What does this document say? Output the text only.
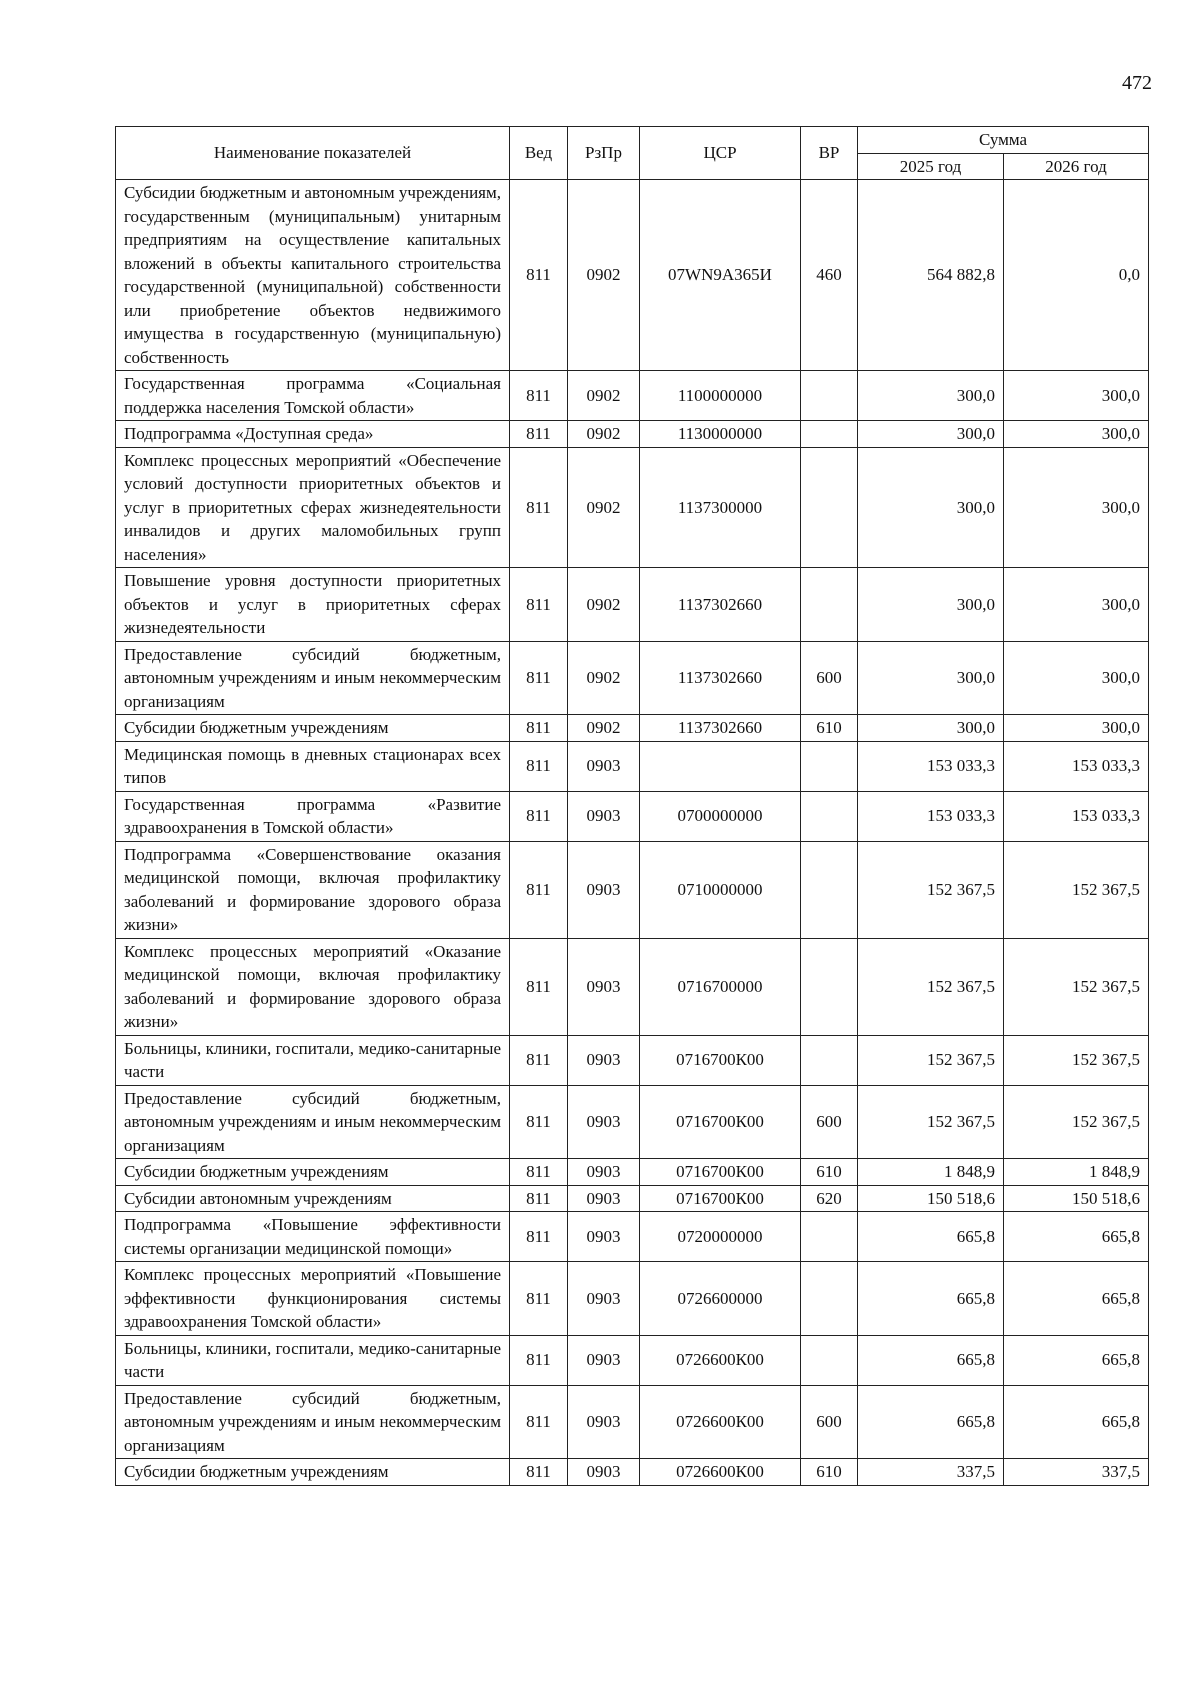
472
Наименование показателей	Вед	РзПр	ЦСР	ВР	Сумма	
					2025 год	2026 год
Субсидии бюджетным и автономным учреждениям, государственным (муниципальным) унитарным предприятиям на осуществление капитальных вложений в объекты капитального строительства государственной (муниципальной) собственности или приобретение объектов недвижимого имущества в государственную (муниципальную) собственность	811	0902	07WN9A365И	460	564 882,8	0,0
Государственная программа «Социальная поддержка населения Томской области»	811	0902	1100000000		300,0	300,0
Подпрограмма «Доступная среда»	811	0902	1130000000		300,0	300,0
Комплекс процессных мероприятий «Обеспечение условий доступности приоритетных объектов и услуг в приоритетных сферах жизнедеятельности инвалидов и других маломобильных групп населения»	811	0902	1137300000		300,0	300,0
Повышение уровня доступности приоритетных объектов и услуг в приоритетных сферах жизнедеятельности	811	0902	1137302660		300,0	300,0
Предоставление субсидий бюджетным, автономным учреждениям и иным некоммерческим организациям	811	0902	1137302660	600	300,0	300,0
Субсидии бюджетным учреждениям	811	0902	1137302660	610	300,0	300,0
Медицинская помощь в дневных стационарах всех типов	811	0903			153 033,3	153 033,3
Государственная программа «Развитие здравоохранения в Томской области»	811	0903	0700000000		153 033,3	153 033,3
Подпрограмма «Совершенствование оказания медицинской помощи, включая профилактику заболеваний и формирование здорового образа жизни»	811	0903	0710000000		152 367,5	152 367,5
Комплекс процессных мероприятий «Оказание медицинской помощи, включая профилактику заболеваний и формирование здорового образа жизни»	811	0903	0716700000		152 367,5	152 367,5
Больницы, клиники, госпитали, медико-санитарные части	811	0903	0716700К00		152 367,5	152 367,5
Предоставление субсидий бюджетным, автономным учреждениям и иным некоммерческим организациям	811	0903	0716700К00	600	152 367,5	152 367,5
Субсидии бюджетным учреждениям	811	0903	0716700К00	610	1 848,9	1 848,9
Субсидии автономным учреждениям	811	0903	0716700К00	620	150 518,6	150 518,6
Подпрограмма «Повышение эффективности системы организации медицинской помощи»	811	0903	0720000000		665,8	665,8
Комплекс процессных мероприятий «Повышение эффективности функционирования системы здравоохранения Томской области»	811	0903	0726600000		665,8	665,8
Больницы, клиники, госпитали, медико-санитарные части	811	0903	0726600К00		665,8	665,8
Предоставление субсидий бюджетным, автономным учреждениям и иным некоммерческим организациям	811	0903	0726600К00	600	665,8	665,8
Субсидии бюджетным учреждениям	811	0903	0726600К00	610	337,5	337,5
